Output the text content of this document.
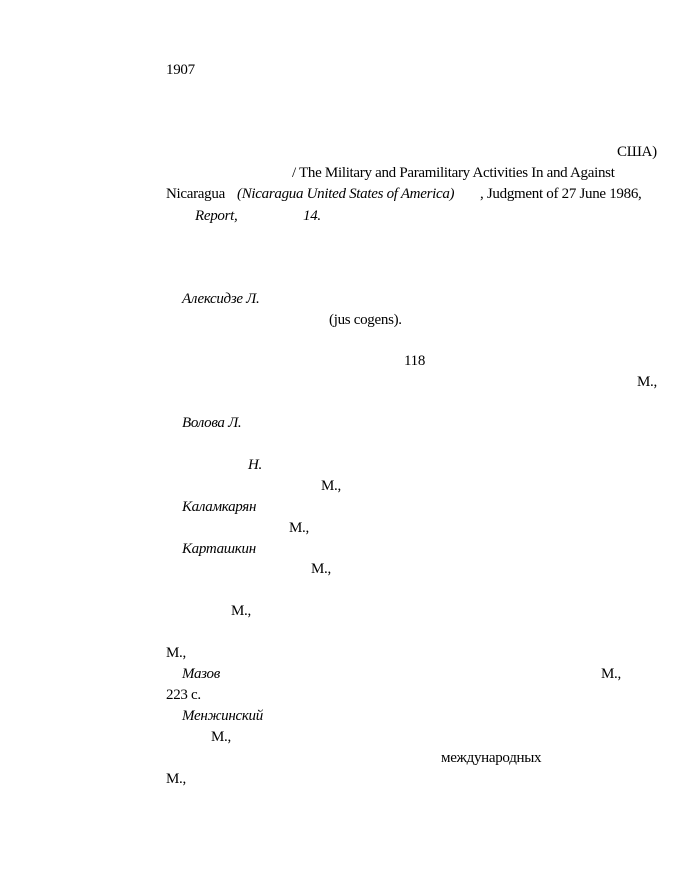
1907
США)
/ The Military and Paramilitary Activities In and Against
Nicaragua (Nicaragua United States of America) , Judgment of 27 June 1986,
Report,	14.
Алексидзе Л.
(jus cogens).
118
М.,
Волова Л.
Н.
М.,
Каламкарян
М.,
Карташкин
М.,
М.,
М.,
Мазов	М.,
223 с.
Менжинский
М.,
международных
М.,
